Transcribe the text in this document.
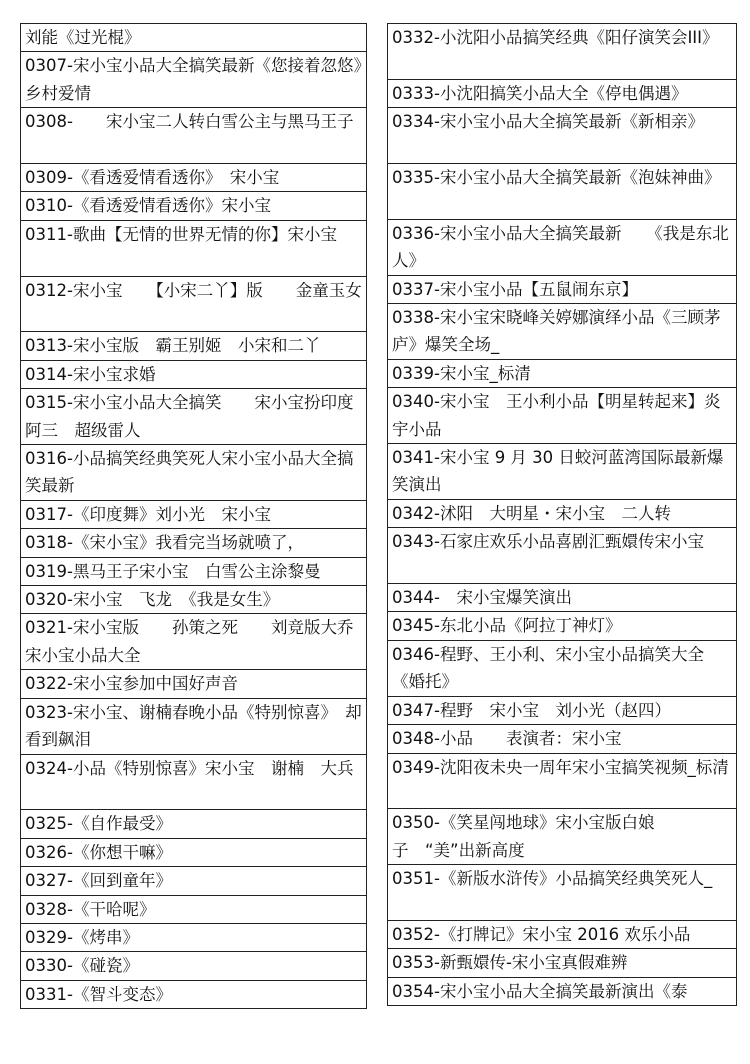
刘能《过光棍》
0307-宋小宝小品大全搞笑最新《您接着忽悠》乡村爱情
0308-　　宋小宝二人转白雪公主与黑马王子
0309-《看透爱情看透你》　宋小宝
0310-《看透爱情看透你》宋小宝
0311-歌曲【无情的世界无情的你】宋小宝
0312-宋小宝　　【小宋二丫】版　　金童玉女
0313-宋小宝版　霸王别姬　小宋和二丫
0314-宋小宝求婚
0315-宋小宝小品大全搞笑　　宋小宝扮印度阿三　超级雷人
0316-小品搞笑经典笑死人宋小宝小品大全搞笑最新
0317-《印度舞》刘小光　宋小宝
0318-《宋小宝》我看完当场就喷了，
0319-黑马王子宋小宝　白雪公主涂黎曼
0320-宋小宝　飞龙　《我是女生》
0321-宋小宝版　　孙策之死　　刘竞版大乔宋小宝小品大全
0322-宋小宝参加中国好声音
0323-宋小宝、谢楠春晚小品《特别惊喜》　却看到飙泪
0324-小品《特别惊喜》宋小宝　谢楠　大兵
0325-《自作最受》
0326-《你想干嘛》
0327-《回到童年》
0328-《干哈呢》
0329-《烤串》
0330-《碰瓷》
0331-《智斗变态》
0332-小沈阳小品搞笑经典《阳仔演笑会III》
0333-小沈阳搞笑小品大全《停电偶遇》
0334-宋小宝小品大全搞笑最新《新相亲》
0335-宋小宝小品大全搞笑最新《泡妹神曲》
0336-宋小宝小品大全搞笑最新　　《我是东北人》
0337-宋小宝小品【五鼠闹东京】
0338-宋小宝宋晓峰关婷娜演绎小品《三顾茅庐》爆笑全场_
0339-宋小宝_标清
0340-宋小宝　王小利小品【明星转起来】炎宇小品
0341-宋小宝 9 月 30 日蛟河蓝湾国际最新爆笑演出
0342-沭阳　大明星・宋小宝　二人转
0343-石家庄欢乐小品喜剧汇甄嬛传宋小宝
0344-　宋小宝爆笑演出
0345-东北小品《阿拉丁神灯》
0346-程野、王小利、宋小宝小品搞笑大全《婚托》
0347-程野　宋小宝　刘小光（赵四）
0348-小品　　表演者：宋小宝
0349-沈阳夜未央一周年宋小宝搞笑视频_标清
0350-《笑星闯地球》宋小宝版白娘子　“美”出新高度
0351-《新版水浒传》小品搞笑经典笑死人_
0352-《打牌记》宋小宝 2016 欢乐小品
0353-新甄嬛传-宋小宝真假难辨
0354-宋小宝小品大全搞笑最新演出《泰
